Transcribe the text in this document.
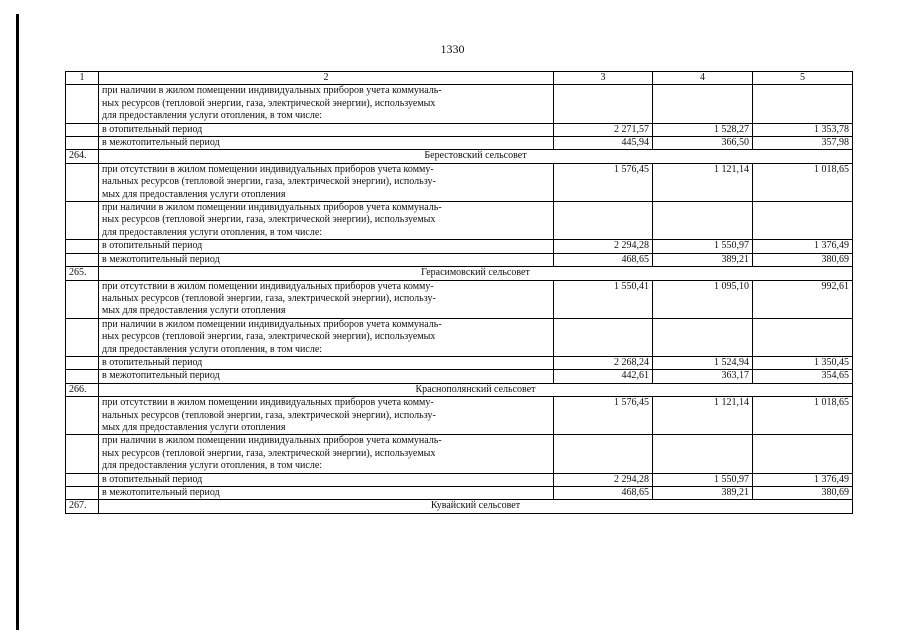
1330
1	2	3	4	5

	при наличии в жилом помещении индивидуальных приборов учета коммуналь-
ных ресурсов (тепловой энергии, газа, электрической энергии), используемых
для предоставления услуги отопления, в том числе:			

	в отопительный период	2 271,57	1 528,27	1 353,78
	в межотопительный период	445,94	366,50	357,98
264.	Берестовский сельсовет			

	при отсутствии в жилом помещении индивидуальных приборов учета комму-
нальных ресурсов (тепловой энергии, газа, электрической энергии), использу-
мых для предоставления услуги отопления	1 576,45	1 121,14	1 018,65

	при наличии в жилом помещении индивидуальных приборов учета коммуналь-
ных ресурсов (тепловой энергии, газа, электрической энергии), используемых
для предоставления услуги отопления, в том числе:			

	в отопительный период	2 294,28	1 550,97	1 376,49
	в межотопительный период	468,65	389,21	380,69
265.	Герасимовский сельсовет			

	при отсутствии в жилом помещении индивидуальных приборов учета комму-
нальных ресурсов (тепловой энергии, газа, электрической энергии), использу-
мых для предоставления услуги отопления	1 550,41	1 095,10	992,61

	при наличии в жилом помещении индивидуальных приборов учета коммуналь-
ных ресурсов (тепловой энергии, газа, электрической энергии), используемых
для предоставления услуги отопления, в том числе:			

	в отопительный период	2 268,24	1 524,94	1 350,45
	в межотопительный период	442,61	363,17	354,65
266.	Краснополянский сельсовет			

	при отсутствии в жилом помещении индивидуальных приборов учета комму-
нальных ресурсов (тепловой энергии, газа, электрической энергии), использу-
мых для предоставления услуги отопления	1 576,45	1 121,14	1 018,65

	при наличии в жилом помещении индивидуальных приборов учета коммуналь-
ных ресурсов (тепловой энергии, газа, электрической энергии), используемых
для предоставления услуги отопления, в том числе:			

	в отопительный период	2 294,28	1 550,97	1 376,49
	в межотопительный период	468,65	389,21	380,69
267.	Кувайский сельсовет			
